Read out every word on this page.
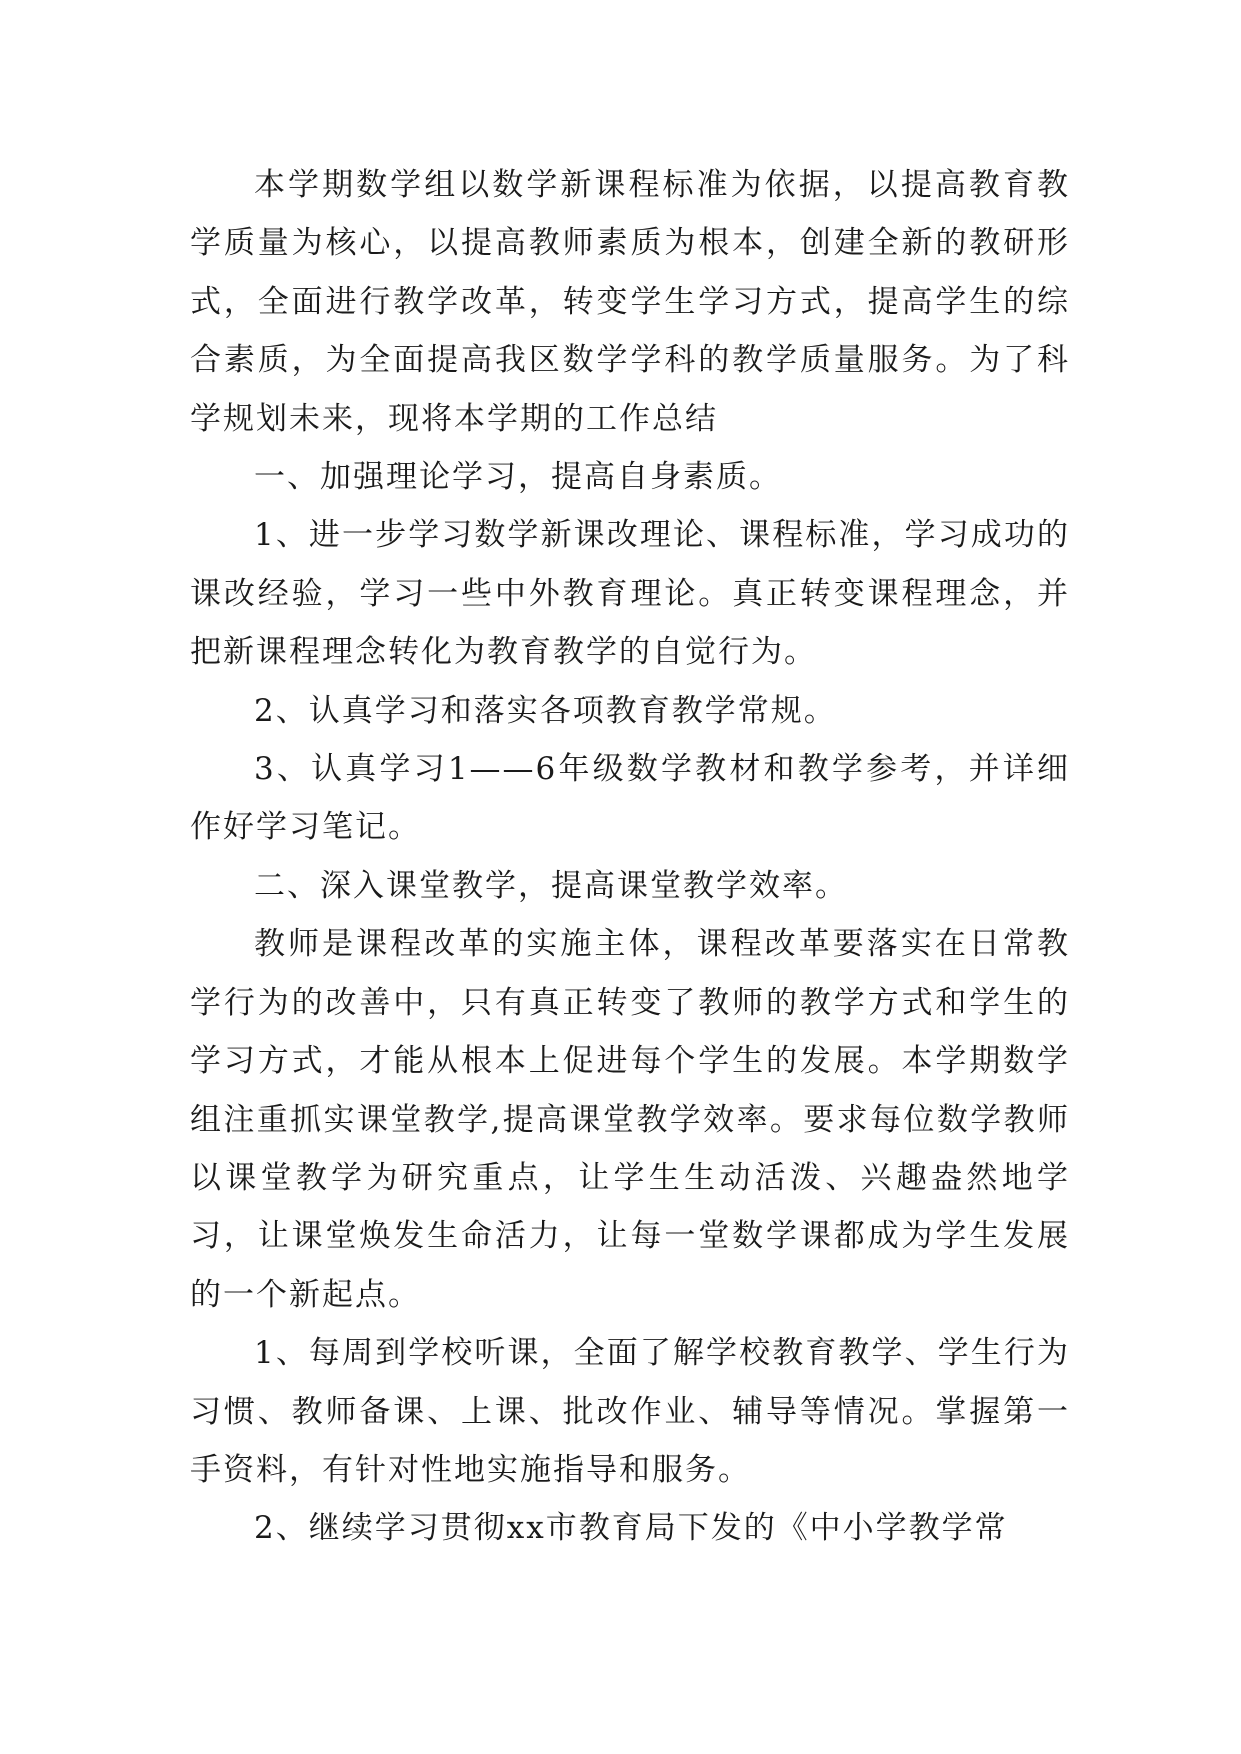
本学期数学组以数学新课程标准为依据，以提高教育教学质量为核心，以提高教师素质为根本，创建全新的教研形式，全面进行教学改革，转变学生学习方式，提高学生的综合素质，为全面提高我区数学学科的教学质量服务。为了科学规划未来，现将本学期的工作总结

一、加强理论学习，提高自身素质。

1、进一步学习数学新课改理论、课程标准，学习成功的课改经验，学习一些中外教育理论。真正转变课程理念，并把新课程理念转化为教育教学的自觉行为。

2、认真学习和落实各项教育教学常规。

3、认真学习1——6年级数学教材和教学参考，并详细作好学习笔记。

二、深入课堂教学，提高课堂教学效率。

教师是课程改革的实施主体，课程改革要落实在日常教学行为的改善中，只有真正转变了教师的教学方式和学生的学习方式，才能从根本上促进每个学生的发展。本学期数学组注重抓实课堂教学,提高课堂教学效率。要求每位数学教师以课堂教学为研究重点，让学生生动活泼、兴趣盎然地学习，让课堂焕发生命活力，让每一堂数学课都成为学生发展的一个新起点。

1、每周到学校听课，全面了解学校教育教学、学生行为习惯、教师备课、上课、批改作业、辅导等情况。掌握第一手资料，有针对性地实施指导和服务。

2、继续学习贯彻xx市教育局下发的《中小学教学常
